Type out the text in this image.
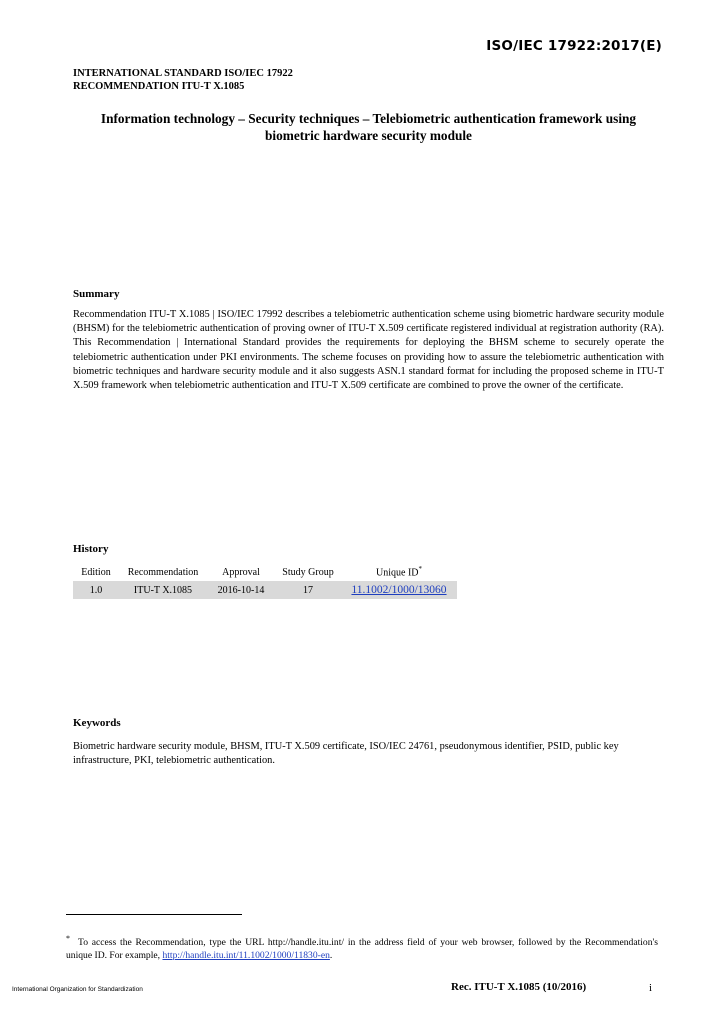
ISO/IEC 17922:2017(E)
INTERNATIONAL STANDARD ISO/IEC 17922
RECOMMENDATION ITU-T X.1085
Information technology – Security techniques – Telebiometric authentication framework using
biometric hardware security module
Summary
Recommendation ITU-T X.1085 | ISO/IEC 17992 describes a telebiometric authentication scheme using biometric hardware security module (BHSM) for the telebiometric authentication of proving owner of ITU-T X.509 certificate registered individual at registration authority (RA). This Recommendation | International Standard provides the requirements for deploying the BHSM scheme to securely operate the telebiometric authentication under PKI environments. The scheme focuses on providing how to assure the telebiometric authentication with biometric techniques and hardware security module and it also suggests ASN.1 standard format for including the proposed scheme in ITU-T X.509 framework when telebiometric authentication and ITU-T X.509 certificate are combined to prove the owner of the certificate.
History
Edition	Recommendation	Approval	Study Group	Unique ID*
1.0	ITU-T X.1085	2016-10-14	17	11.1002/1000/13060
Keywords
Biometric hardware security module, BHSM, ITU-T X.509 certificate, ISO/IEC 24761, pseudonymous identifier, PSID, public key infrastructure, PKI, telebiometric authentication.
* To access the Recommendation, type the URL http://handle.itu.int/ in the address field of your web browser, followed by the Recommendation's unique ID. For example, http://handle.itu.int/11.1002/1000/11830-en.
International Organization for Standardization	Rec. ITU-T X.1085 (10/2016)	i
